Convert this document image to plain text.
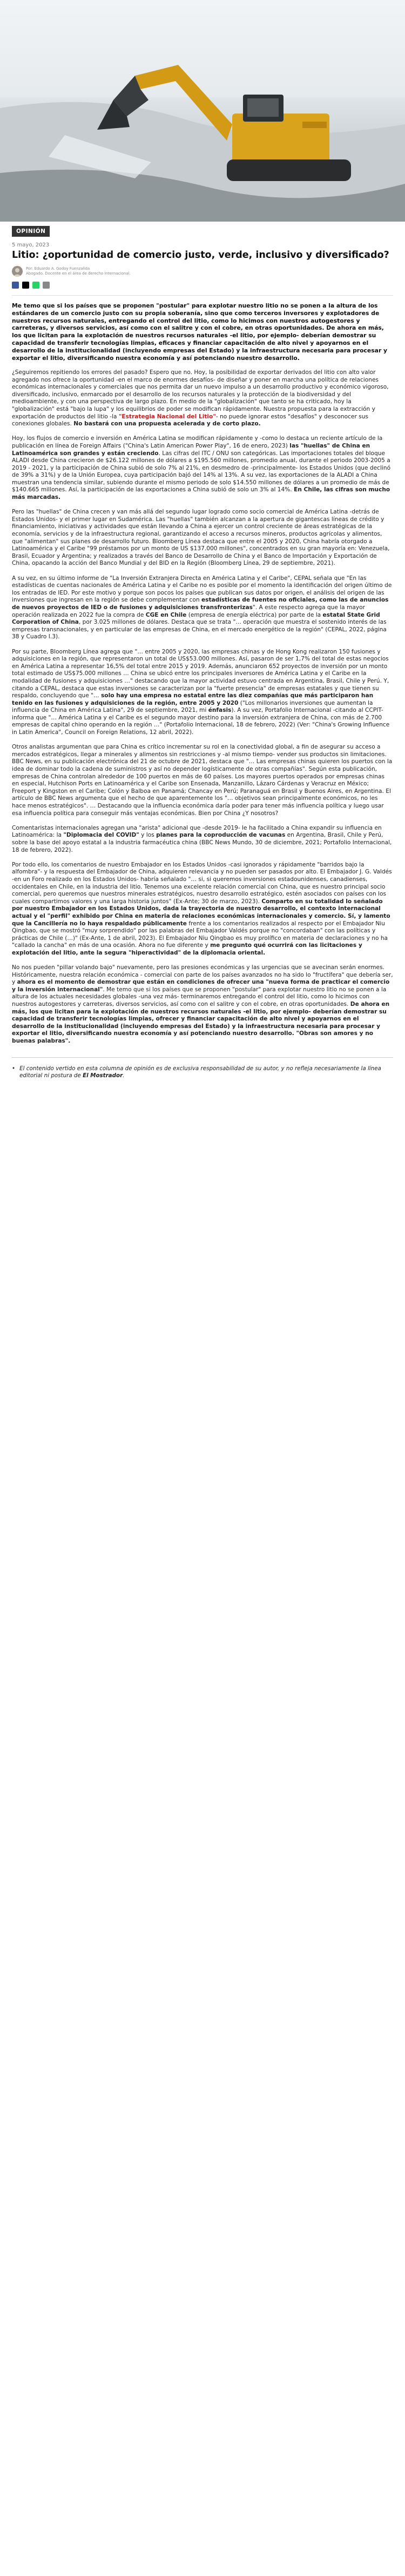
OPINIÓN
5 mayo, 2023
Litio: ¿oportunidad de comercio justo, verde, inclusivo y diversificado?
Por: Eduardo A. Godoy Fuenzalida
Abogado. Docente en el área de derecho Internacional.

Me temo que si los países que se proponen "postular" para explotar nuestro litio no se ponen a la altura de los estándares de un comercio justo con su propia soberanía, sino que como terceros inversores y explotadores de nuestros recursos naturales, entregando el control del litio, como lo hicimos con nuestros autogestores y carreteras, y diversos servicios, así como con el salitre y con el cobre, en otras oportunidades. De ahora en más, los que licitan para la explotación de nuestros recursos naturales -el litio, por ejemplo- deberían demostrar su capacidad de transferir tecnologías limpias, eficaces y financiar capacitación de alto nivel y apoyarnos en el desarrollo de la institucionalidad (incluyendo empresas del Estado) y la infraestructura necesaria para procesar y exportar el litio, diversificando nuestra economía y así potenciando nuestro desarrollo.

¿Seguiremos repitiendo los errores del pasado? Espero que no. Hoy, la posibilidad de exportar derivados del litio con alto valor agregado nos ofrece la oportunidad -en el marco de enormes desafíos- de diseñar y poner en marcha una política de relaciones económicas internacionales y comerciales que nos permita dar un nuevo impulso a un desarrollo productivo y económico vigoroso, diversificado, inclusivo, enmarcado por el desarrollo de los recursos naturales y la protección de la biodiversidad y del medioambiente, y con una perspectiva de largo plazo. En medio de la "globalización" que tanto se ha criticado, hoy la "globalización" está "bajo la lupa" y los equilibrios de poder se modifican rápidamente. Nuestra propuesta para la extracción y exportación de productos del litio -la "Estrategia Nacional del Litio"- no puede ignorar estos "desafíos" y desconocer sus conexiones globales. No bastará con una propuesta acelerada y de corto plazo.

Hoy, los flujos de comercio e inversión en América Latina se modifican rápidamente y -como lo destaca un reciente artículo de la publicación en línea de Foreign Affairs ("China's Latin American Power Play", 16 de enero, 2023) las "huellas" de China en Latinoamérica son grandes y están creciendo. Las cifras del ITC / ONU son categóricas. Las importaciones totales del bloque ALADI desde China crecieron de $26.122 millones de dólares a $195.560 millones, promedio anual, durante el periodo 2003-2005 a 2019 - 2021, y la participación de China subió de solo 7% al 21%, en desmedro de -principalmente- los Estados Unidos (que declinó de 39% a 31%) y de la Unión Europea, cuya participación bajó del 14% al 13%. A su vez, las exportaciones de la ALADI a China muestran una tendencia similar, subiendo durante el mismo periodo de solo $14.550 millones de dólares a un promedio de más de $140.665 millones. Así, la participación de las exportaciones a China subió de solo un 3% al 14%. En Chile, las cifras son mucho más marcadas.

Pero las "huellas" de China crecen y van más allá del segundo lugar logrado como socio comercial de América Latina -detrás de Estados Unidos- y el primer lugar en Sudamérica. Las "huellas" también alcanzan a la apertura de gigantescas líneas de crédito y financiamiento, iniciativas y actividades que están llevando a China a ejercer un control creciente de áreas estratégicas de la economía, servicios y de la infraestructura regional, garantizando el acceso a recursos mineros, productos agrícolas y alimentos, que "alimentan" sus planes de desarrollo futuro. Bloomberg Línea destaca que entre el 2005 y 2020, China habría otorgado a Latinoamérica y el Caribe "99 préstamos por un monto de US $137.000 millones", concentrados en su gran mayoría en: Venezuela, Brasil, Ecuador y Argentina; y realizados a través del Banco de Desarrollo de China y el Banco de Importación y Exportación de China, opacando la acción del Banco Mundial y del BID en la Región (Bloomberg Línea, 29 de septiembre, 2021).

A su vez, en su último informe de "La Inversión Extranjera Directa en América Latina y el Caribe", CEPAL señala que "En las estadísticas de cuentas nacionales de América Latina y el Caribe no es posible por el momento la identificación del origen último de los entradas de IED. Por este motivo y porque son pocos los países que publican sus datos por origen, el análisis del origen de las inversiones que ingresan en la región se debe complementar con estadísticas de fuentes no oficiales, como las de anuncios de nuevos proyectos de IED o de fusiones y adquisiciones transfronterizas". A este respecto agrega que la mayor operación realizada en 2022 fue la compra de CGE en Chile (empresa de energía eléctrica) por parte de la estatal State Grid Corporation of China, por 3.025 millones de dólares. Destaca que se trata "… operación que muestra el sostenido interés de las empresas transnacionales, y en particular de las empresas de China, en el mercado energético de la región" (CEPAL, 2022, página 38 y Cuadro I.3).

Por su parte, Bloomberg Línea agrega que "… entre 2005 y 2020, las empresas chinas y de Hong Kong realizaron 150 fusiones y adquisiciones en la región, que representaron un total de US$53.000 millones. Así, pasaron de ser 1,7% del total de estas negocios en América Latina a representar 16,5% del total entre 2015 y 2019. Además, anunciaron 652 proyectos de inversión por un monto total estimado de US$75.000 millones … China se ubicó entre los principales inversores de América Latina y el Caribe en la modalidad de fusiones y adquisiciones …" destacando que la mayor actividad estuvo centrada en Argentina, Brasil, Chile y Perú. Y, citando a CEPAL, destaca que estas inversiones se caracterizan por la "fuerte presencia" de empresas estatales y que tienen su respaldo, concluyendo que "… solo hay una empresa no estatal entre las diez compañías que más participaron han tenido en las fusiones y adquisiciones de la región, entre 2005 y 2020 ("Los millonarios inversiones que aumentan la influencia de China en América Latina", 29 de septiembre, 2021, mi énfasis). A su vez, Portafolio Internacional -citando al CCPIT- informa que "… América Latina y el Caribe es el segundo mayor destino para la inversión extranjera de China, con más de 2.700 empresas de capital chino operando en la región …" (Portafolio Internacional, 18 de febrero, 2022) (Ver: "China's Growing Influence in Latin America", Council on Foreign Relations, 12 abril, 2022).

Otros analistas argumentan que para China es crítico incrementar su rol en la conectividad global, a fin de asegurar su acceso a mercados estratégicos, llegar a minerales y alimentos sin restricciones y -al mismo tiempo- vender sus productos sin limitaciones. BBC News, en su publicación electrónica del 21 de octubre de 2021, destaca que "… Las empresas chinas quieren los puertos con la idea de dominar todo la cadena de suministros y así no depender logísticamente de otras compañías". Según esta publicación, empresas de China controlan alrededor de 100 puertos en más de 60 países. Los mayores puertos operados por empresas chinas en especial, Hutchison Ports en Latinoamérica y el Caribe son Ensenada, Manzanillo, Lázaro Cárdenas y Veracruz en México; Freeport y Kingston en el Caribe; Colón y Balboa en Panamá; Chancay en Perú; Paranaguá en Brasil y Buenos Aires, en Argentina. El artículo de BBC News argumenta que el hecho de que aparentemente los "… objetivos sean principalmente económicos, no les hace menos estratégicos". … Destacando que la influencia económica daría poder para tener más influencia política y luego usar esa influencia política para conseguir más ventajas económicas. Bien por China ¿Y nosotros?

Comentaristas internacionales agregan una "arista" adicional que -desde 2019- le ha facilitado a China expandir su influencia en Latinoamérica: la "Diplomacia del COVID" y los planes para la coproducción de vacunas en Argentina, Brasil, Chile y Perú, sobre la base del apoyo estatal a la industria farmacéutica china (BBC News Mundo, 30 de diciembre, 2021; Portafolio Internacional, 18 de febrero, 2022).

Por todo ello, los comentarios de nuestro Embajador en los Estados Unidos -casi ignorados y rápidamente "barridos bajo la alfombra"- y la respuesta del Embajador de China, adquieren relevancia y no pueden ser pasados por alto. El Embajador J. G. Valdés -en un Foro realizado en los Estados Unidos- habría señalado "… si, si queremos inversiones estadounidenses, canadienses, occidentales en Chile, en la industria del litio. Tenemos una excelente relación comercial con China, que es nuestro principal socio comercial, pero queremos que nuestros minerales estratégicos, nuestro desarrollo estratégico, estén asociados con países con los cuales compartimos valores y una larga historia juntos" (Ex-Ante; 30 de marzo, 2023). Comparto en su totalidad lo señalado por nuestro Embajador en los Estados Unidos, dada la trayectoria de nuestro desarrollo, el contexto internacional actual y el "perfil" exhibido por China en materia de relaciones económicas internacionales y comercio. Sí, y lamento que la Cancillería no lo haya respaldado públicamente frente a los comentarios realizados al respecto por el Embajador Niu Qingbao, que se mostró "muy sorprendido" por las palabras del Embajador Valdés porque no "concordaban" con las políticas y prácticas de Chile (…)" (Ex-Ante, 1 de abril, 2023). El Embajador Niu Qingbao es muy prolífico en materia de declaraciones y no ha "callado la cancha" en más de una ocasión. Ahora no fue diferente y me pregunto qué ocurrirá con las licitaciones y explotación del litio, ante la segura "hiperactividad" de la diplomacia oriental.

No nos pueden "pillar volando bajo" nuevamente, pero las presiones económicas y las urgencias que se avecinan serán enormes. Históricamente, nuestra relación económica - comercial con parte de los países avanzados no ha sido lo "fructífera" que debería ser, y ahora es el momento de demostrar que están en condiciones de ofrecer una "nueva forma de practicar el comercio y la inversión internacional". Me temo que si los países que se proponen "postular" para explotar nuestro litio no se ponen a la altura de los actuales necesidades globales -una vez más- terminaremos entregando el control del litio, como lo hicimos con nuestros autogestores y carreteras, diversos servicios, así como con el salitre y con el cobre, en otras oportunidades. De ahora en más, los que licitan para la explotación de nuestros recursos naturales -el litio, por ejemplo- deberían demostrar su capacidad de transferir tecnologías limpias, ofrecer y financiar capacitación de alto nivel y apoyarnos en el desarrollo de la institucionalidad (incluyendo empresas del Estado) y la infraestructura necesaria para procesar y exportar el litio, diversificando nuestra economía y así potenciando nuestro desarrollo. "Obras son amores y no buenas palabras".

• El contenido vertido en esta columna de opinión es de exclusiva responsabilidad de su autor, y no refleja necesariamente la línea editorial ni postura de El Mostrador.
